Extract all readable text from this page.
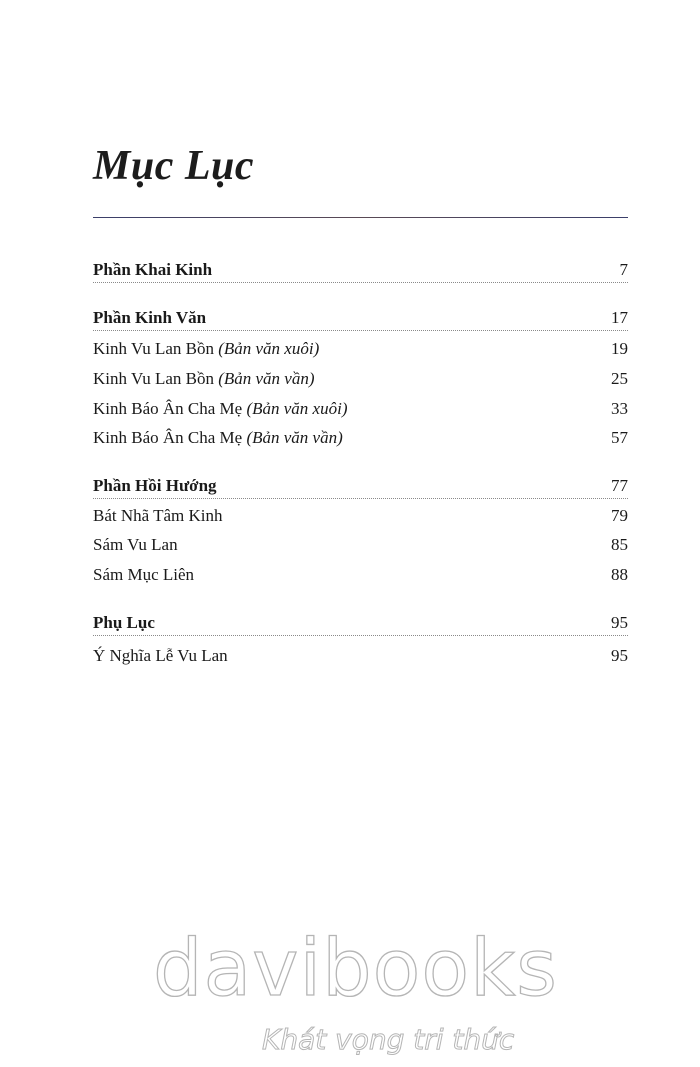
Mục Lục
Phần Khai Kinh	7
Phần Kinh Văn	17
Kinh Vu Lan Bồn (Bản văn xuôi)	19
Kinh Vu Lan Bồn (Bản văn vần)	25
Kinh Báo Ân Cha Mẹ (Bản văn xuôi)	33
Kinh Báo Ân Cha Mẹ (Bản văn vần)	57
Phần Hồi Hướng	77
Bát Nhã Tâm Kinh	79
Sám Vu Lan	85
Sám Mục Liên	88
Phụ Lục	95
Ý Nghĩa Lễ Vu Lan	95
davibooks
Khát vọng tri thức
